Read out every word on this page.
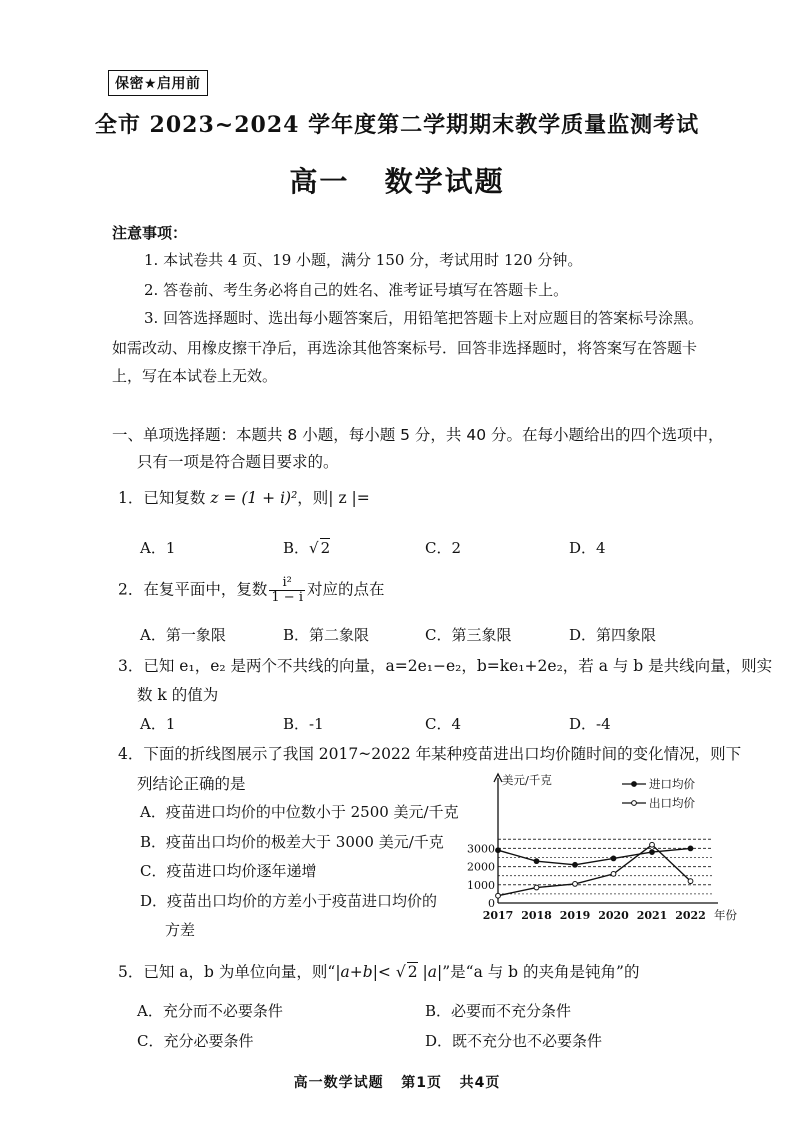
保密★启用前
全市 2023~2024 学年度第二学期期末教学质量监测考试
高一   数学试题
注意事项：
1. 本试卷共 4 页、19 小题，满分 150 分，考试用时 120 分钟。
2. 答卷前、考生务必将自己的姓名、准考证号填写在答题卡上。
3. 回答选择题时、选出每小题答案后，用铅笔把答题卡上对应题目的答案标号涂黑。
如需改动、用橡皮擦干净后，再选涂其他答案标号．回答非选择题时，将答案写在答题卡
上，写在本试卷上无效。
一、单项选择题：本题共 8 小题，每小题 5 分，共 40 分。在每小题给出的四个选项中，
只有一项是符合题目要求的。
1．已知复数 z = (1 + i)²，则| z |=
A．1	B．√ 2	C．2	D．4
2．在复平面中，复数 $\frac{\text{i²}}{1 - i}$ 对应的点在
A．第一象限	B．第二象限	C．第三象限	D．第四象限
3．已知 e₁，e₂ 是两个不共线的向量，a=2e₁−e₂，b=ke₁+2e₂，若 a 与 b 是共线向量，则实
数 k 的值为
A．1	B．-1	C．4	D．-4
4．下面的折线图展示了我国 2017~2022 年某种疫苗进出口均价随时间的变化情况，则下
列结论正确的是
A．疫苗进口均价的中位数小于 2500 美元/千克
B．疫苗出口均价的极差大于 3000 美元/千克
C．疫苗进口均价逐年递增
D．疫苗出口均价的方差小于疫苗进口均价的
方差
进口均价
出口均价
0
1000
2000
3000
2017 2018 2019 2020 2021 2022
美元/千克
年份
5．已知 a，b 为单位向量，则“|a+b|< √ 2 |a|”是“a 与 b 的夹角是钝角”的
A．充分而不必要条件	B．必要而不充分条件
C．充分必要条件	D．既不充分也不必要条件
高一数学试题   第1页   共4页
